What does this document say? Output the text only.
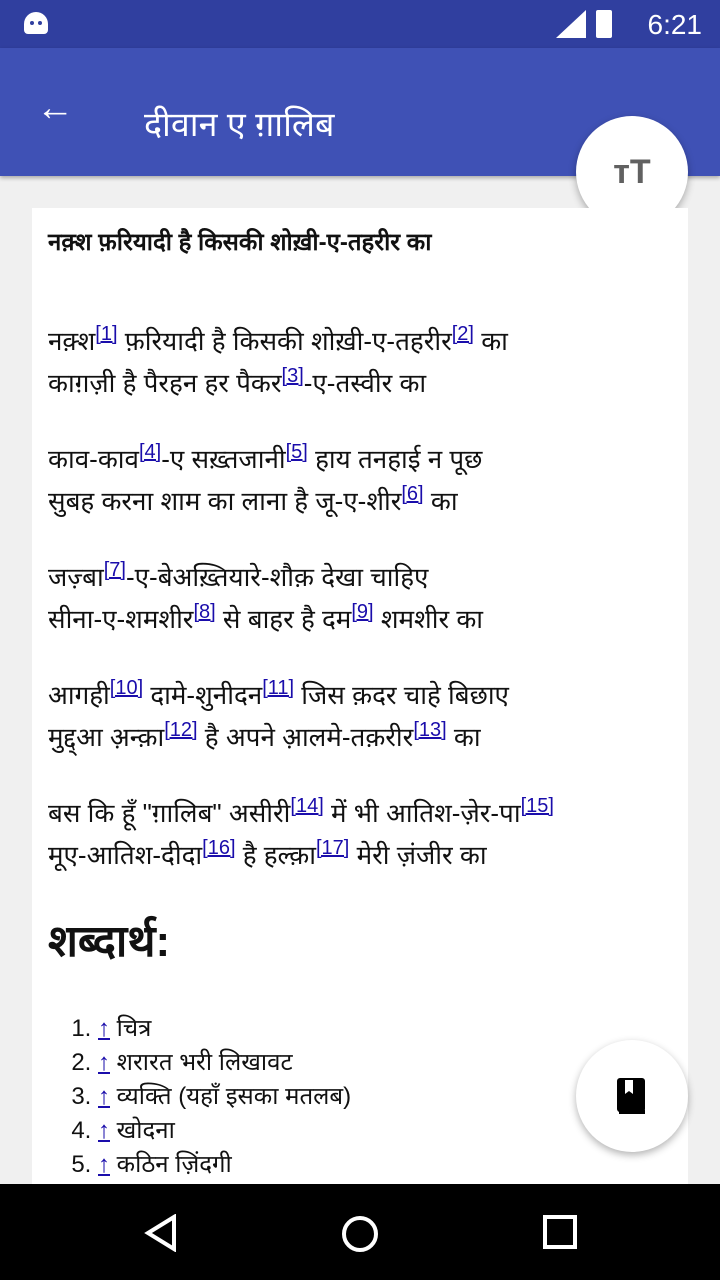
6:21
← दीवान ए ग़ालिब
тT
नक़्श फ़रियादी है किसकी शोख़ी-ए-तहरीर का
नक़्श[1] फ़रियादी है किसकी शोख़ी-ए-तहरीर[2] का
काग़ज़ी है पैरहन हर पैकर[3]-ए-तस्वीर का
काव-काव[4]-ए सख़्तजानी[5] हाय तनहाई न पूछ
सुबह करना शाम का लाना है जू-ए-शीर[6] का
जज़्बा[7]-ए-बेअख़्तियारे-शौक़ देखा चाहिए
सीना-ए-शमशीर[8] से बाहर है दम[9] शमशीर का
आगही[10] दामे-शुनीदन[11] जिस क़दर चाहे बिछाए
मुद्द्आ अ़न्क़ा[12] है अपने आ़लमे-तक़रीर[13] का
बस कि हूँ "ग़ालिब" असीरी[14] में भी आतिश-ज़ेर-पा[15]
मूए-आतिश-दीदा[16] है हल्क़ा[17] मेरी ज़ंजीर का
शब्दार्थ:
1. ↑ चित्र
2. ↑ शरारत भरी लिखावट
3. ↑ व्यक्ति (यहाँ इसका मतलब)
4. ↑ खोदना
5. ↑ कठिन ज़िंदगी
